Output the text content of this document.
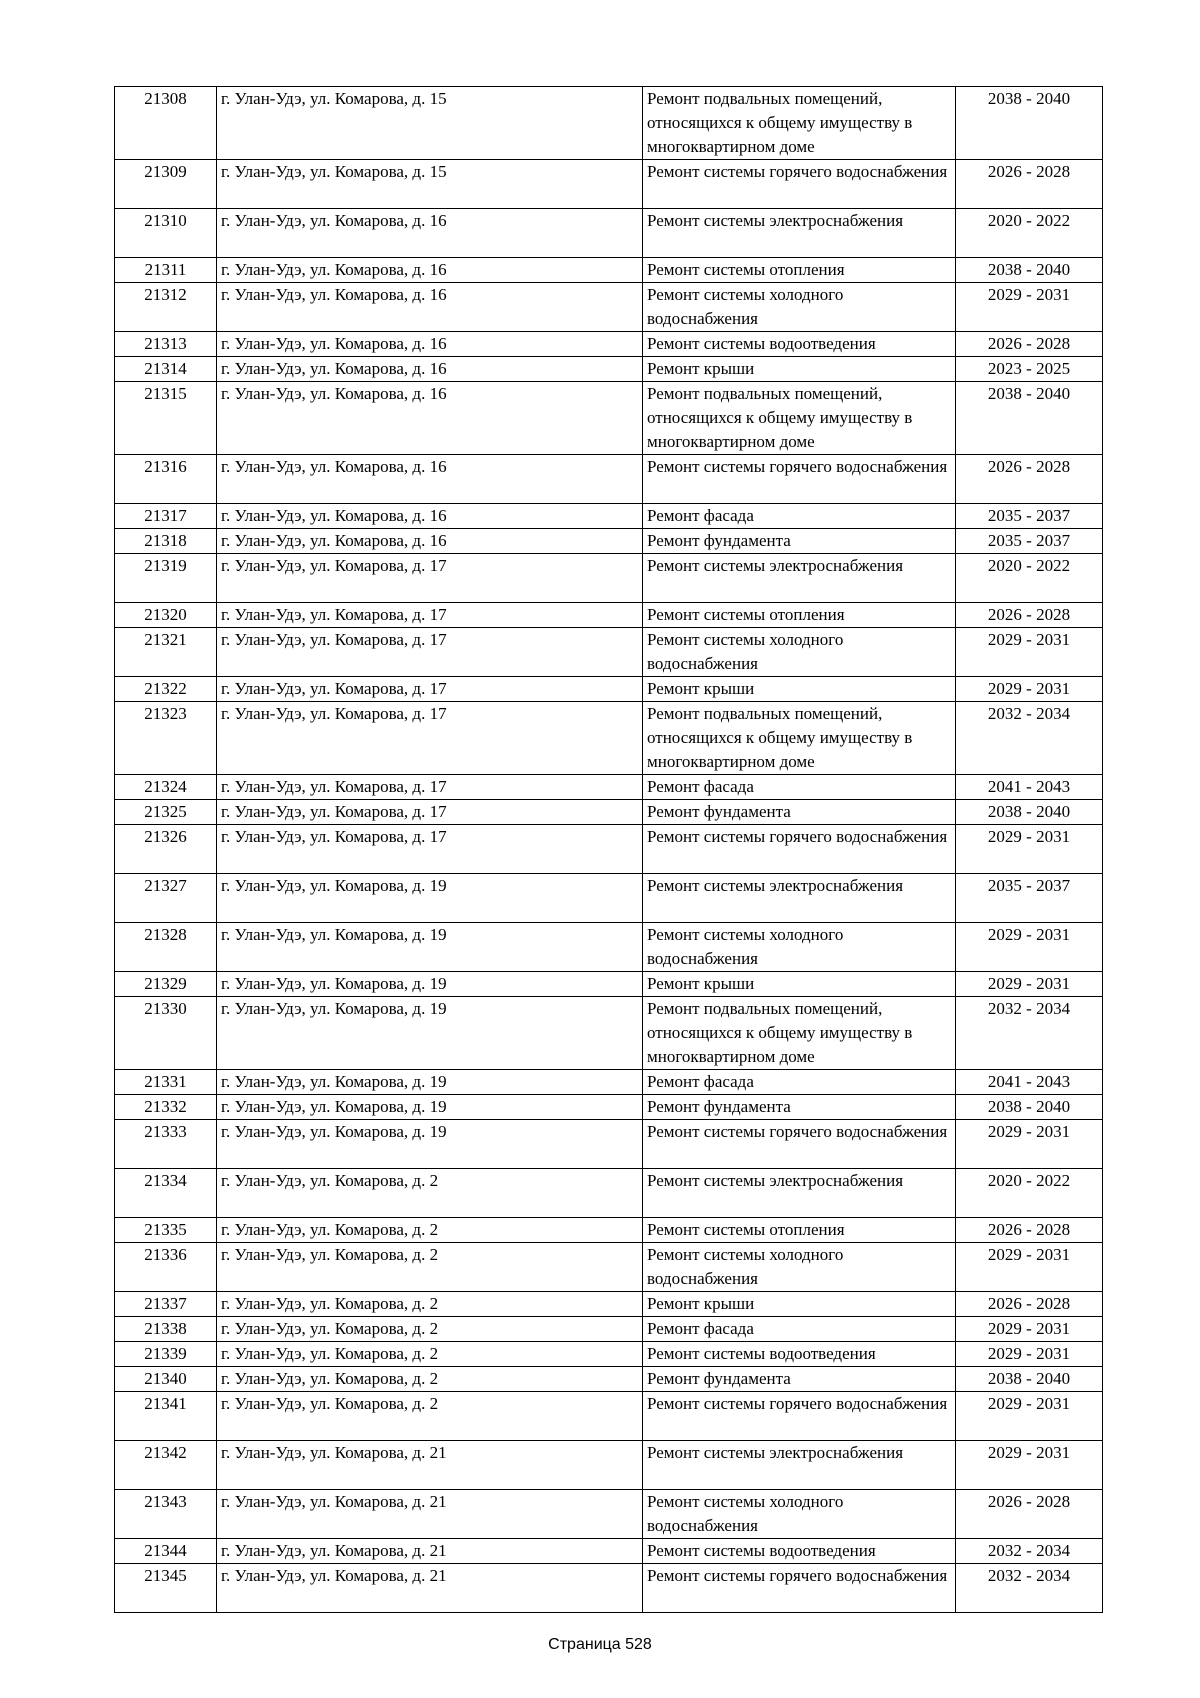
21308	г. Улан-Удэ, ул. Комарова, д. 15	Ремонт подвальных помещений, относящихся к общему имуществу в многоквартирном доме	2038 - 2040
21309	г. Улан-Удэ, ул. Комарова, д. 15	Ремонт системы горячего водоснабжения	2026 - 2028
21310	г. Улан-Удэ, ул. Комарова, д. 16	Ремонт системы электроснабжения	2020 - 2022
21311	г. Улан-Удэ, ул. Комарова, д. 16	Ремонт системы отопления	2038 - 2040
21312	г. Улан-Удэ, ул. Комарова, д. 16	Ремонт системы холодного водоснабжения	2029 - 2031
21313	г. Улан-Удэ, ул. Комарова, д. 16	Ремонт системы водоотведения	2026 - 2028
21314	г. Улан-Удэ, ул. Комарова, д. 16	Ремонт крыши	2023 - 2025
21315	г. Улан-Удэ, ул. Комарова, д. 16	Ремонт подвальных помещений, относящихся к общему имуществу в многоквартирном доме	2038 - 2040
21316	г. Улан-Удэ, ул. Комарова, д. 16	Ремонт системы горячего водоснабжения	2026 - 2028
21317	г. Улан-Удэ, ул. Комарова, д. 16	Ремонт фасада	2035 - 2037
21318	г. Улан-Удэ, ул. Комарова, д. 16	Ремонт фундамента	2035 - 2037
21319	г. Улан-Удэ, ул. Комарова, д. 17	Ремонт системы электроснабжения	2020 - 2022
21320	г. Улан-Удэ, ул. Комарова, д. 17	Ремонт системы отопления	2026 - 2028
21321	г. Улан-Удэ, ул. Комарова, д. 17	Ремонт системы холодного водоснабжения	2029 - 2031
21322	г. Улан-Удэ, ул. Комарова, д. 17	Ремонт крыши	2029 - 2031
21323	г. Улан-Удэ, ул. Комарова, д. 17	Ремонт подвальных помещений, относящихся к общему имуществу в многоквартирном доме	2032 - 2034
21324	г. Улан-Удэ, ул. Комарова, д. 17	Ремонт фасада	2041 - 2043
21325	г. Улан-Удэ, ул. Комарова, д. 17	Ремонт фундамента	2038 - 2040
21326	г. Улан-Удэ, ул. Комарова, д. 17	Ремонт системы горячего водоснабжения	2029 - 2031
21327	г. Улан-Удэ, ул. Комарова, д. 19	Ремонт системы электроснабжения	2035 - 2037
21328	г. Улан-Удэ, ул. Комарова, д. 19	Ремонт системы холодного водоснабжения	2029 - 2031
21329	г. Улан-Удэ, ул. Комарова, д. 19	Ремонт крыши	2029 - 2031
21330	г. Улан-Удэ, ул. Комарова, д. 19	Ремонт подвальных помещений, относящихся к общему имуществу в многоквартирном доме	2032 - 2034
21331	г. Улан-Удэ, ул. Комарова, д. 19	Ремонт фасада	2041 - 2043
21332	г. Улан-Удэ, ул. Комарова, д. 19	Ремонт фундамента	2038 - 2040
21333	г. Улан-Удэ, ул. Комарова, д. 19	Ремонт системы горячего водоснабжения	2029 - 2031
21334	г. Улан-Удэ, ул. Комарова, д. 2	Ремонт системы электроснабжения	2020 - 2022
21335	г. Улан-Удэ, ул. Комарова, д. 2	Ремонт системы отопления	2026 - 2028
21336	г. Улан-Удэ, ул. Комарова, д. 2	Ремонт системы холодного водоснабжения	2029 - 2031
21337	г. Улан-Удэ, ул. Комарова, д. 2	Ремонт крыши	2026 - 2028
21338	г. Улан-Удэ, ул. Комарова, д. 2	Ремонт фасада	2029 - 2031
21339	г. Улан-Удэ, ул. Комарова, д. 2	Ремонт системы водоотведения	2029 - 2031
21340	г. Улан-Удэ, ул. Комарова, д. 2	Ремонт фундамента	2038 - 2040
21341	г. Улан-Удэ, ул. Комарова, д. 2	Ремонт системы горячего водоснабжения	2029 - 2031
21342	г. Улан-Удэ, ул. Комарова, д. 21	Ремонт системы электроснабжения	2029 - 2031
21343	г. Улан-Удэ, ул. Комарова, д. 21	Ремонт системы холодного водоснабжения	2026 - 2028
21344	г. Улан-Удэ, ул. Комарова, д. 21	Ремонт системы водоотведения	2032 - 2034
21345	г. Улан-Удэ, ул. Комарова, д. 21	Ремонт системы горячего водоснабжения	2032 - 2034
Страница 528
